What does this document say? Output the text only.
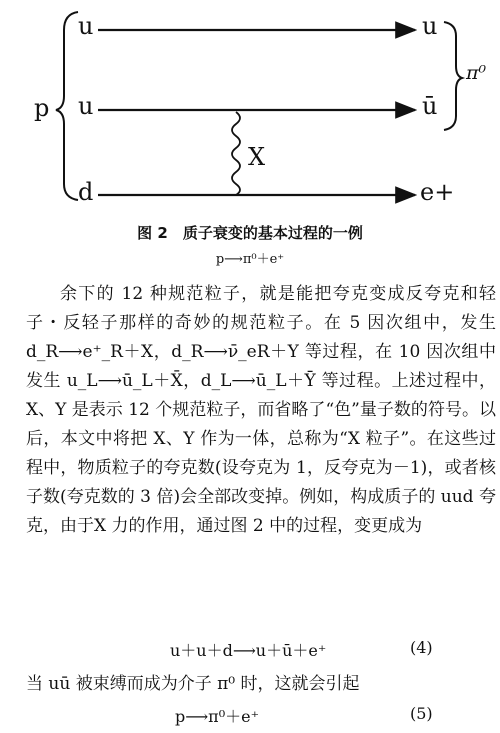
p
π⁰
X
u
u
d
u
ū
e+
图 2　质子衰变的基本过程的一例
p⟶π⁰＋e⁺

余下的 12 种规范粒子，就是能把夸克变成反夸克和轻子・反轻子那样的奇妙的规范粒子。在 5 因次组中，发生 d_R⟶e⁺_R＋X，d_R⟶ν̄_eR＋Y 等过程，在 10 因次组中发生 u_L⟶ū_L＋X̄，d_L⟶ū_L＋Ȳ 等过程。上述过程中，X、Y 是表示 12 个规范粒子，而省略了“色”量子数的符号。以后，本文中将把 X、Y 作为一体，总称为“X 粒子”。在这些过程中，物质粒子的夸克数(设夸克为 1，反夸克为－1)，或者核子数(夸克数的 3 倍)会全部改变掉。例如，构成质子的 uud 夸克，由于X 力的作用，通过图 2 中的过程，变更成为

u＋u＋d⟶u＋ū＋e⁺	(4)

当 uū 被束缚而成为介子 π⁰ 时，这就会引起

p⟶π⁰＋e⁺	(5)
